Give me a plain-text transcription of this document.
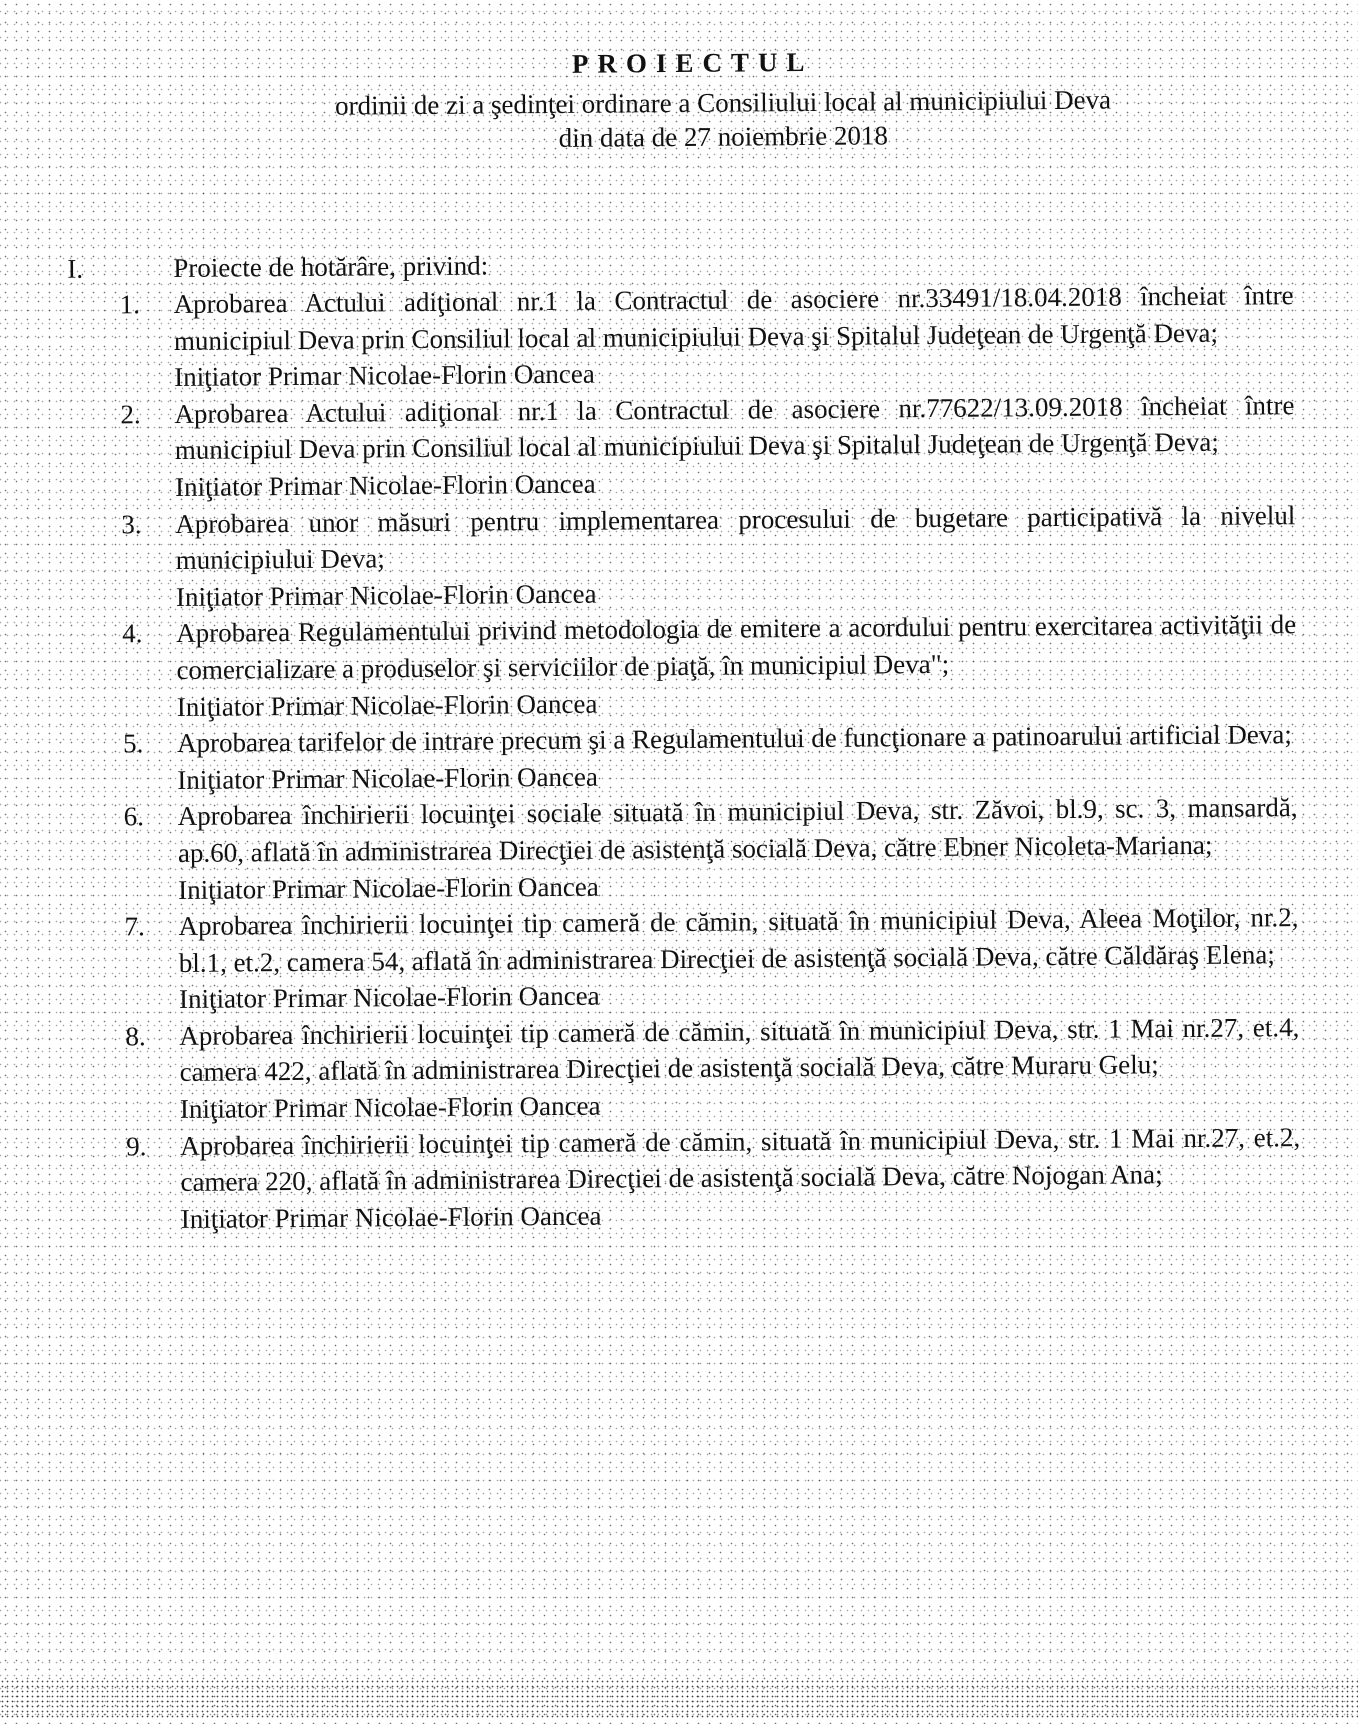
PROIECTUL
ordinii de zi a şedinţei ordinare a Consiliului local al municipiului Deva
din data de 27 noiembrie 2018
I.	Proiecte de hotărâre, privind:
1.	Aprobarea Actului adiţional nr.1 la Contractul de asociere nr.33491/18.04.2018 încheiat între municipiul Deva prin Consiliul local al municipiului Deva şi Spitalul Judeţean de Urgenţă Deva;
Iniţiator Primar Nicolae-Florin Oancea
2.	Aprobarea Actului adiţional nr.1 la Contractul de asociere nr.77622/13.09.2018 încheiat între municipiul Deva prin Consiliul local al municipiului Deva şi Spitalul Judeţean de Urgenţă Deva;
Iniţiator Primar Nicolae-Florin Oancea
3.	Aprobarea unor măsuri pentru implementarea procesului de bugetare participativă la nivelul municipiului Deva;
Iniţiator Primar Nicolae-Florin Oancea
4.	Aprobarea Regulamentului privind metodologia de emitere a acordului pentru exercitarea activităţii de comercializare a produselor şi serviciilor de piaţă, în municipiul Deva";
Iniţiator Primar Nicolae-Florin Oancea
5.	Aprobarea tarifelor de intrare precum şi a Regulamentului de funcţionare a patinoarului artificial Deva;
Iniţiator Primar Nicolae-Florin Oancea
6.	Aprobarea închirierii locuinţei sociale situată în municipiul Deva, str. Zăvoi, bl.9, sc. 3, mansardă, ap.60, aflată în administrarea Direcţiei de asistenţă socială Deva, către Ebner Nicoleta-Mariana;
Iniţiator Primar Nicolae-Florin Oancea
7.	Aprobarea închirierii locuinţei tip cameră de cămin, situată în municipiul Deva, Aleea Moţilor, nr.2, bl.1, et.2, camera 54, aflată în administrarea Direcţiei de asistenţă socială Deva, către Căldăraş Elena;
Iniţiator Primar Nicolae-Florin Oancea
8.	Aprobarea închirierii locuinţei tip cameră de cămin, situată în municipiul Deva, str. 1 Mai nr.27, et.4, camera 422, aflată în administrarea Direcţiei de asistenţă socială Deva, către Muraru Gelu;
Iniţiator Primar Nicolae-Florin Oancea
9.	Aprobarea închirierii locuinţei tip cameră de cămin, situată în municipiul Deva, str. 1 Mai nr.27, et.2, camera 220, aflată în administrarea Direcţiei de asistenţă socială Deva, către Nojogan Ana;
Iniţiator Primar Nicolae-Florin Oancea
